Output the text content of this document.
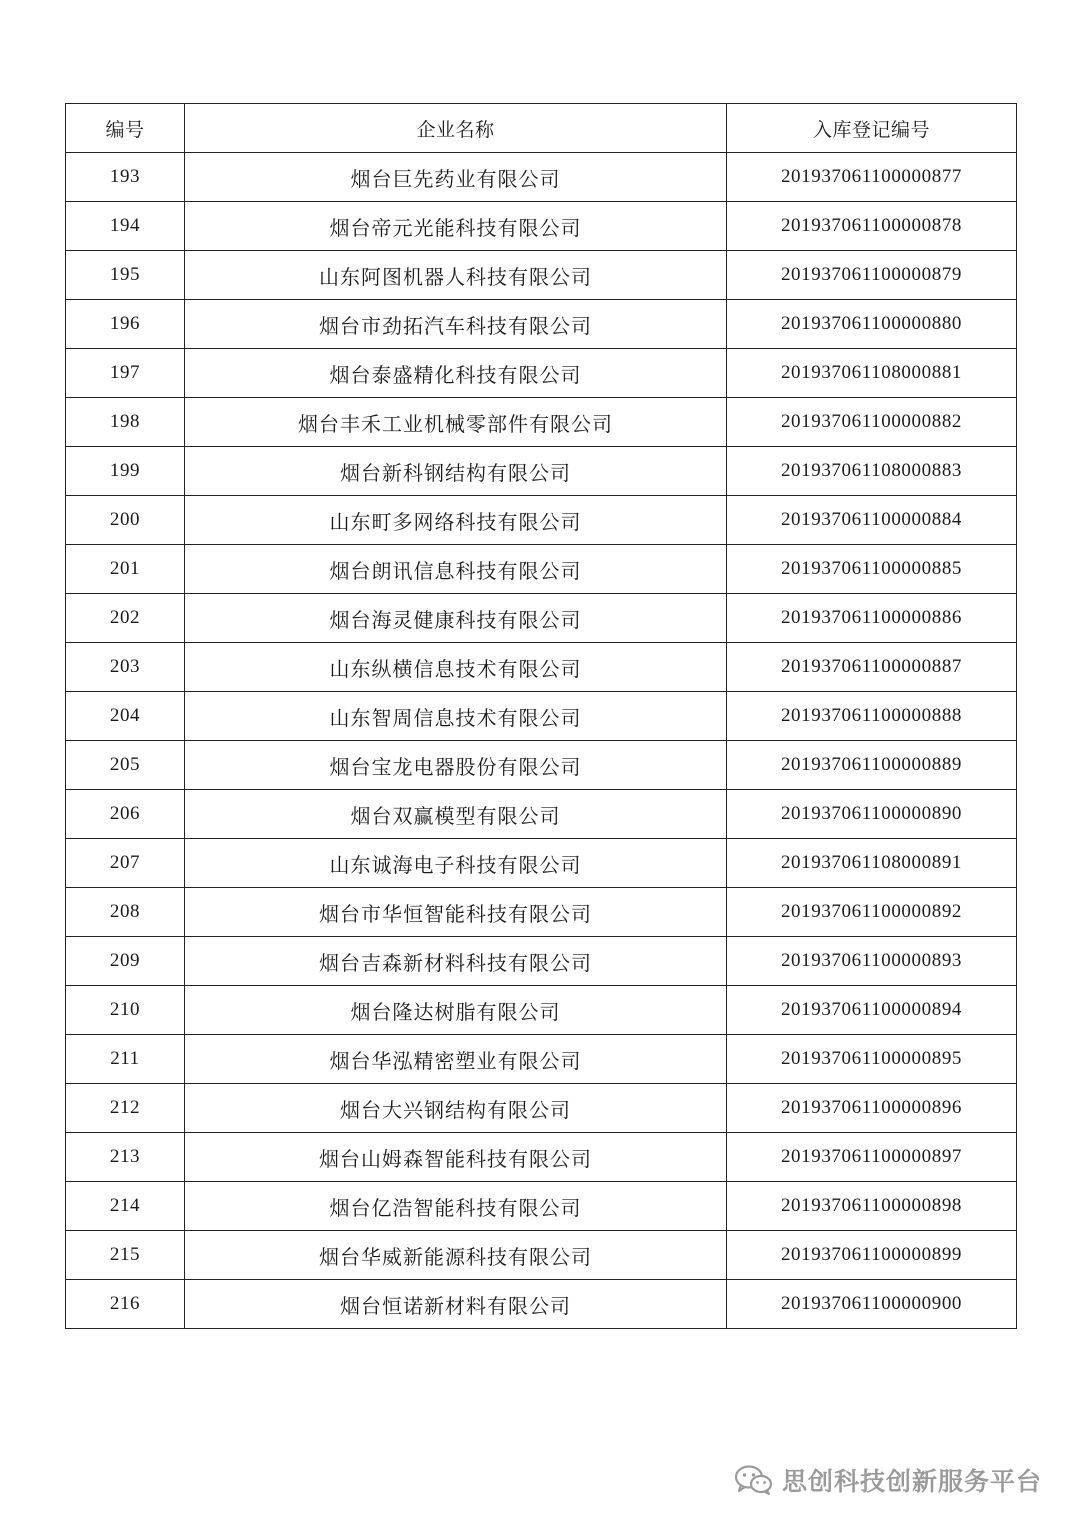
编号	企业名称	入库登记编号
193	烟台巨先药业有限公司	201937061100000877
194	烟台帝元光能科技有限公司	201937061100000878
195	山东阿图机器人科技有限公司	201937061100000879
196	烟台市劲拓汽车科技有限公司	201937061100000880
197	烟台泰盛精化科技有限公司	201937061108000881
198	烟台丰禾工业机械零部件有限公司	201937061100000882
199	烟台新科钢结构有限公司	201937061108000883
200	山东町多网络科技有限公司	201937061100000884
201	烟台朗讯信息科技有限公司	201937061100000885
202	烟台海灵健康科技有限公司	201937061100000886
203	山东纵横信息技术有限公司	201937061100000887
204	山东智周信息技术有限公司	201937061100000888
205	烟台宝龙电器股份有限公司	201937061100000889
206	烟台双赢模型有限公司	201937061100000890
207	山东诚海电子科技有限公司	201937061108000891
208	烟台市华恒智能科技有限公司	201937061100000892
209	烟台吉森新材料科技有限公司	201937061100000893
210	烟台隆达树脂有限公司	201937061100000894
211	烟台华泓精密塑业有限公司	201937061100000895
212	烟台大兴钢结构有限公司	201937061100000896
213	烟台山姆森智能科技有限公司	201937061100000897
214	烟台亿浩智能科技有限公司	201937061100000898
215	烟台华威新能源科技有限公司	201937061100000899
216	烟台恒诺新材料有限公司	201937061100000900
思创科技创新服务平台
